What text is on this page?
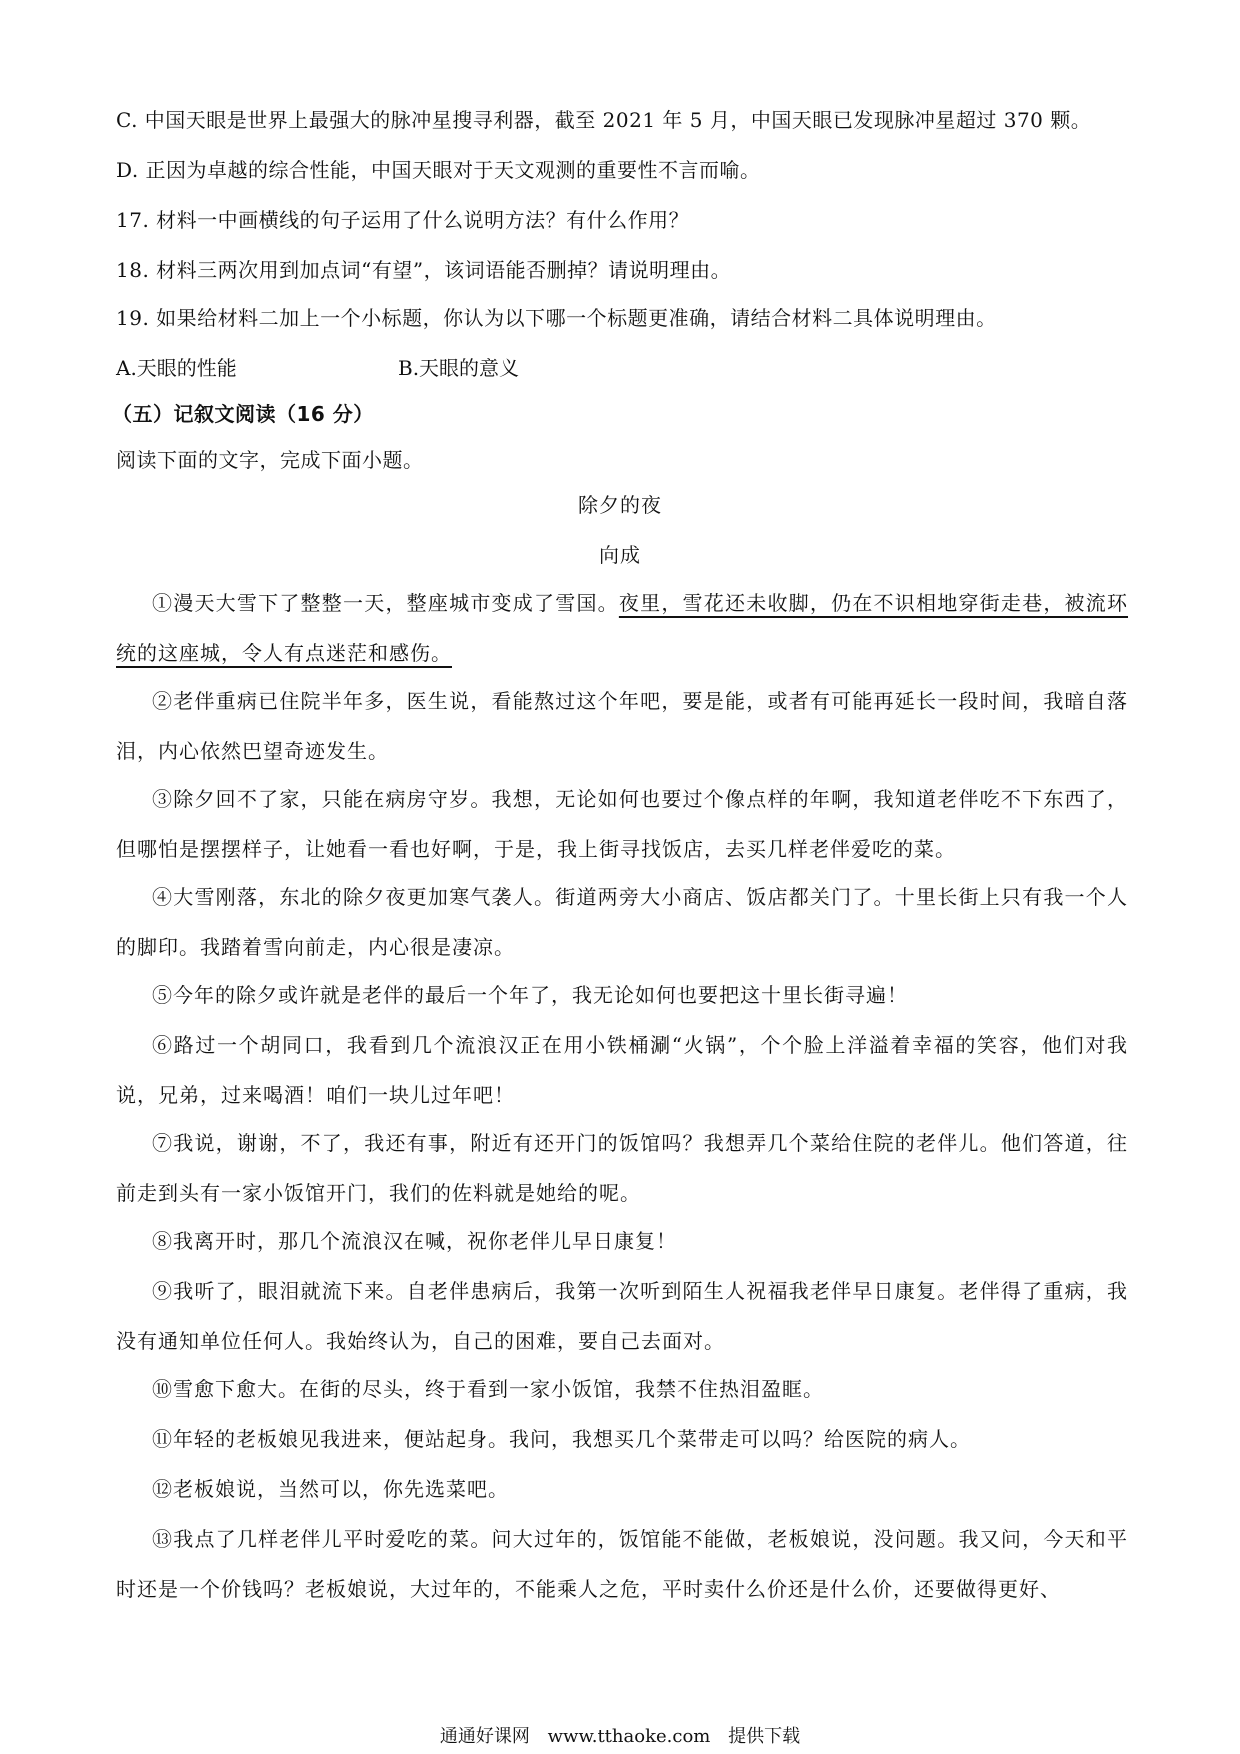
C. 中国天眼是世界上最强大的脉冲星搜寻利器，截至 2021 年 5 月，中国天眼已发现脉冲星超过 370 颗。
D. 正因为卓越的综合性能，中国天眼对于天文观测的重要性不言而喻。
17. 材料一中画横线的句子运用了什么说明方法？有什么作用？
18. 材料三两次用到加点词“有望”，该词语能否删掉？请说明理由。
19. 如果给材料二加上一个小标题，你认为以下哪一个标题更准确，请结合材料二具体说明理由。
A.天眼的性能	B.天眼的意义
（五）记叙文阅读（16 分）
阅读下面的文字，完成下面小题。
除夕的夜
向成
①漫天大雪下了整整一天，整座城市变成了雪国。夜里，雪花还未收脚，仍在不识相地穿街走巷，被流环统的这座城，令人有点迷茫和感伤。
②老伴重病已住院半年多，医生说，看能熬过这个年吧，要是能，或者有可能再延长一段时间，我暗自落泪，内心依然巴望奇迹发生。
③除夕回不了家，只能在病房守岁。我想，无论如何也要过个像点样的年啊，我知道老伴吃不下东西了，但哪怕是摆摆样子，让她看一看也好啊，于是，我上街寻找饭店，去买几样老伴爱吃的菜。
④大雪刚落，东北的除夕夜更加寒气袭人。街道两旁大小商店、饭店都关门了。十里长街上只有我一个人的脚印。我踏着雪向前走，内心很是凄凉。
⑤今年的除夕或许就是老伴的最后一个年了，我无论如何也要把这十里长街寻遍！
⑥路过一个胡同口，我看到几个流浪汉正在用小铁桶涮“火锅”，个个脸上洋溢着幸福的笑容，他们对我说，兄弟，过来喝酒！咱们一块儿过年吧！
⑦我说，谢谢，不了，我还有事，附近有还开门的饭馆吗？我想弄几个菜给住院的老伴儿。他们答道，往前走到头有一家小饭馆开门，我们的佐料就是她给的呢。
⑧我离开时，那几个流浪汉在喊，祝你老伴儿早日康复！
⑨我听了，眼泪就流下来。自老伴患病后，我第一次听到陌生人祝福我老伴早日康复。老伴得了重病，我没有通知单位任何人。我始终认为，自己的困难，要自己去面对。
⑩雪愈下愈大。在街的尽头，终于看到一家小饭馆，我禁不住热泪盈眶。
⑪年轻的老板娘见我进来，便站起身。我问，我想买几个菜带走可以吗？给医院的病人。
⑫老板娘说，当然可以，你先选菜吧。
⑬我点了几样老伴儿平时爱吃的菜。问大过年的，饭馆能不能做，老板娘说，没问题。我又问，今天和平时还是一个价钱吗？老板娘说，大过年的，不能乘人之危，平时卖什么价还是什么价，还要做得更好、
通通好课网 www.tthaoke.com 提供下载
